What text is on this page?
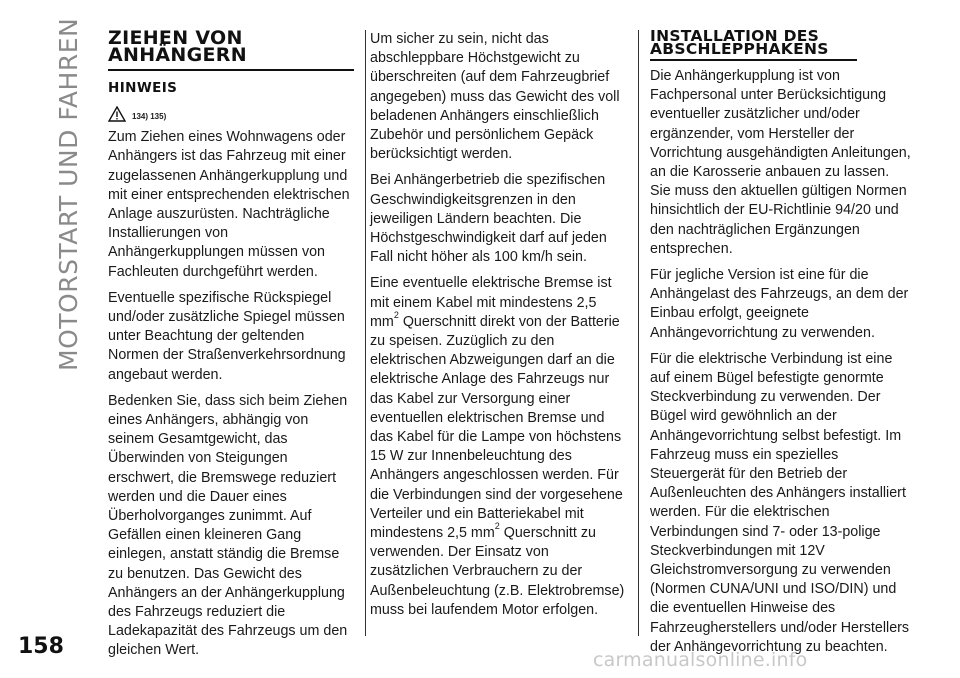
MOTORSTART UND FAHREN
158
ZIEHEN VON
ANHÄNGERN
HINWEIS
134) 135)

Zum Ziehen eines Wohnwagens oder Anhängers ist das Fahrzeug mit einer zugelassenen Anhängerkupplung und mit einer entsprechenden elektrischen Anlage auszurüsten. Nachträgliche Installierungen von Anhängerkupplungen müssen von Fachleuten durchgeführt werden.

Eventuelle spezifische Rückspiegel und/oder zusätzliche Spiegel müssen unter Beachtung der geltenden Normen der Straßenverkehrsordnung angebaut werden.

Bedenken Sie, dass sich beim Ziehen eines Anhängers, abhängig von seinem Gesamtgewicht, das Überwinden von Steigungen erschwert, die Bremswege reduziert werden und die Dauer eines Überholvorganges zunimmt. Auf Gefällen einen kleineren Gang einlegen, anstatt ständig die Bremse zu benutzen. Das Gewicht des Anhängers an der Anhängerkupplung des Fahrzeugs reduziert die Ladekapazität des Fahrzeugs um den gleichen Wert.

Um sicher zu sein, nicht das abschleppbare Höchstgewicht zu überschreiten (auf dem Fahrzeugbrief angegeben) muss das Gewicht des voll beladenen Anhängers einschließlich Zubehör und persönlichem Gepäck berücksichtigt werden.

Bei Anhängerbetrieb die spezifischen Geschwindigkeitsgrenzen in den jeweiligen Ländern beachten. Die Höchstgeschwindigkeit darf auf jeden Fall nicht höher als 100 km/h sein.

Eine eventuelle elektrische Bremse ist mit einem Kabel mit mindestens 2,5 $mm^2$ Querschnitt direkt von der Batterie zu speisen. Zuzüglich zu den elektrischen Abzweigungen darf an die elektrische Anlage des Fahrzeugs nur das Kabel zur Versorgung einer eventuellen elektrischen Bremse und das Kabel für die Lampe von höchstens 15 W zur Innenbeleuchtung des Anhängers angeschlossen werden. Für die Verbindungen sind der vorgesehene Verteiler und ein Batteriekabel mit mindestens 2,5 $mm^2$ Querschnitt zu verwenden. Der Einsatz von zusätzlichen Verbrauchern zu der Außenbeleuchtung (z.B. Elektrobremse) muss bei laufendem Motor erfolgen.

INSTALLATION DES
ABSCHLEPPHAKENS

Die Anhängerkupplung ist von Fachpersonal unter Berücksichtigung eventueller zusätzlicher und/oder ergänzender, vom Hersteller der Vorrichtung ausgehändigten Anleitungen, an die Karosserie anbauen zu lassen. Sie muss den aktuellen gültigen Normen hinsichtlich der EU-Richtlinie 94/20 und den nachträglichen Ergänzungen entsprechen.

Für jegliche Version ist eine für die Anhängelast des Fahrzeugs, an dem der Einbau erfolgt, geeignete Anhängevorrichtung zu verwenden.

Für die elektrische Verbindung ist eine auf einem Bügel befestigte genormte Steckverbindung zu verwenden. Der Bügel wird gewöhnlich an der Anhängevorrichtung selbst befestigt. Im Fahrzeug muss ein spezielles Steuergerät für den Betrieb der Außenleuchten des Anhängers installiert werden. Für die elektrischen Verbindungen sind 7- oder 13-polige Steckverbindungen mit 12V Gleichstromversorgung zu verwenden (Normen CUNA/UNI und ISO/DIN) und die eventuellen Hinweise des Fahrzeugherstellers und/oder Herstellers der Anhängevorrichtung zu beachten.

carmanualsonline.info
